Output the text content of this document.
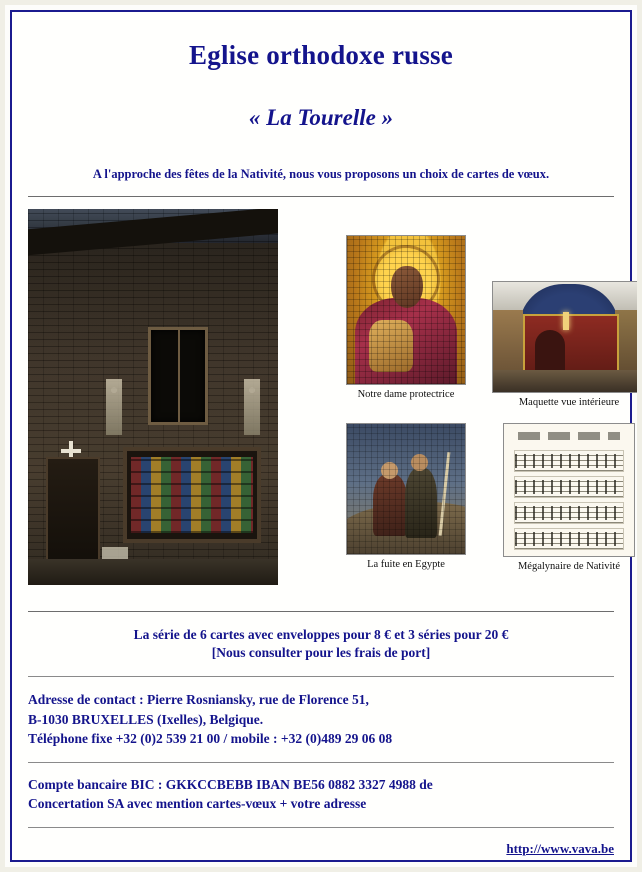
Eglise orthodoxe russe
« La Tourelle »

A l'approche des fêtes de la Nativité, nous vous proposons un choix de cartes de vœux.

Notre dame protectrice
Maquette vue intérieure
La fuite en Egypte	Mégalynaire de Nativité
La série de 6 cartes avec enveloppes pour 8 € et 3 séries pour 20 €
[Nous consulter pour les frais de port]
Adresse de contact : Pierre Rosniansky, rue de Florence 51,
B-1030 BRUXELLES (Ixelles), Belgique.
Téléphone fixe +32 (0)2 539 21 00 / mobile : +32 (0)489 29 06 08
Compte bancaire BIC : GKKCCBEBB IBAN BE56 0882 3327 4988 de
Concertation SA avec mention cartes-vœux + votre adresse
http://www.vava.be
